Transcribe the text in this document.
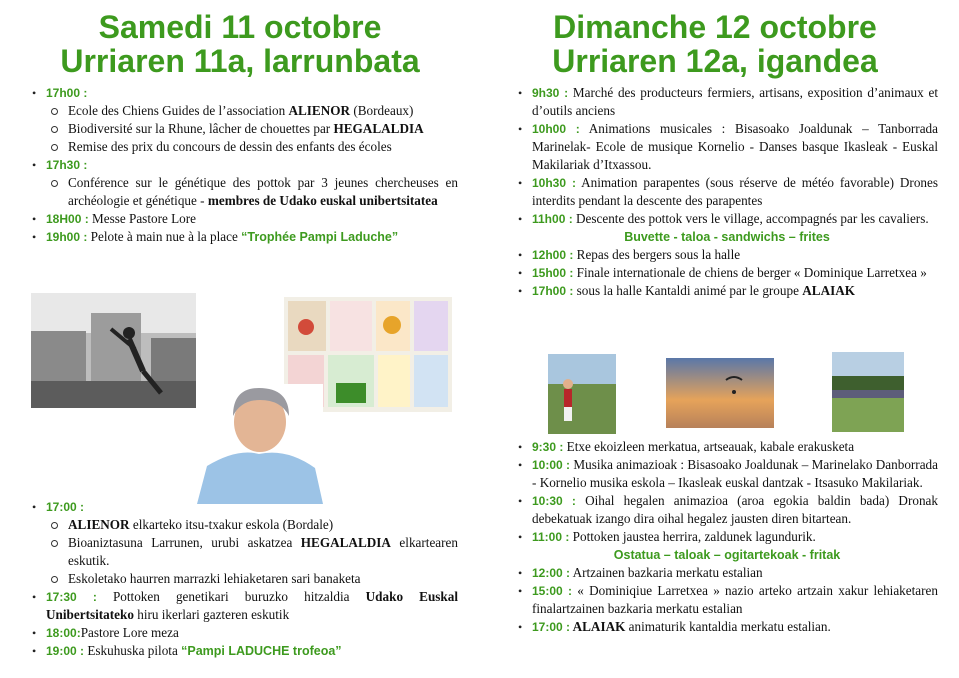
Samedi 11 octobre
Urriaren 11a, larrunbata
Dimanche 12 octobre
Urriaren 12a, igandea
• 17h00 :
Ecole des Chiens Guides de l’association ALIENOR (Bordeaux)
Biodiversité sur la Rhune, lâcher de chouettes par HEGALALDIA
Remise des prix du concours de dessin des enfants des écoles
• 17h30 :
Conférence sur le génétique des pottok par 3 jeunes chercheuses en archéologie et génétique - membres de Udako euskal unibertsitatea
• 18H00 : Messe Pastore Lore
• 19h00 : Pelote à main nue à la place “Trophée Pampi Laduche”
• 17:00 :
ALIENOR elkarteko itsu-txakur eskola (Bordale)
Bioaniztasuna Larrunen, urubi askatzea HEGALALDIA elkartearen eskutik.
Eskoletako haurren marrazki lehiaketaren sari banaketa
• 17:30 : Pottoken genetikari buruzko hitzaldia Udako Euskal Unibertsitateko hiru ikerlari gazteren eskutik
• 18:00:Pastore Lore meza
• 19:00 : Eskuhuska pilota “Pampi LADUCHE trofeoa”
• 9h30 : Marché des producteurs fermiers, artisans, exposition d’animaux et d’outils anciens
• 10h00 : Animations musicales : Bisasoako Joaldunak – Tanborrada Marinelak- Ecole de musique Kornelio - Danses basque Ikasleak - Euskal Makilariak d’Itxassou.
• 10h30 : Animation parapentes (sous réserve de météo favorable) Drones interdits pendant la descente des parapentes
• 11h00 : Descente des pottok vers le village, accompagnés par les cavaliers.
Buvette - taloa - sandwichs – frites
• 12h00 : Repas des bergers sous la halle
• 15h00 : Finale internationale de chiens de berger « Dominique Larretxea »
• 17h00 : sous la halle Kantaldi animé par le groupe ALAIAK
• 9:30 : Etxe ekoizleen merkatua, artseauak, kabale erakusketa
• 10:00 : Musika animazioak : Bisasoako Joaldunak – Marinelako Danborrada - Kornelio musika eskola – Ikasleak euskal dantzak - Itsasuko Makilariak.
• 10:30 : Oihal hegalen animazioa (aroa egokia baldin bada) Dronak debekatuak izango dira oihal hegalez jausten diren bitartean.
• 11:00 : Pottoken jaustea herrira, zaldunek lagundurik.
Ostatua – taloak – ogitartekoak - fritak
• 12:00 : Artzainen bazkaria merkatu estalian
• 15:00 : « Dominiqiue Larretxea » nazio arteko artzain xakur lehiaketaren finalartzainen bazkaria merkatu estalian
• 17:00 : ALAIAK animaturik kantaldia merkatu estalian.
